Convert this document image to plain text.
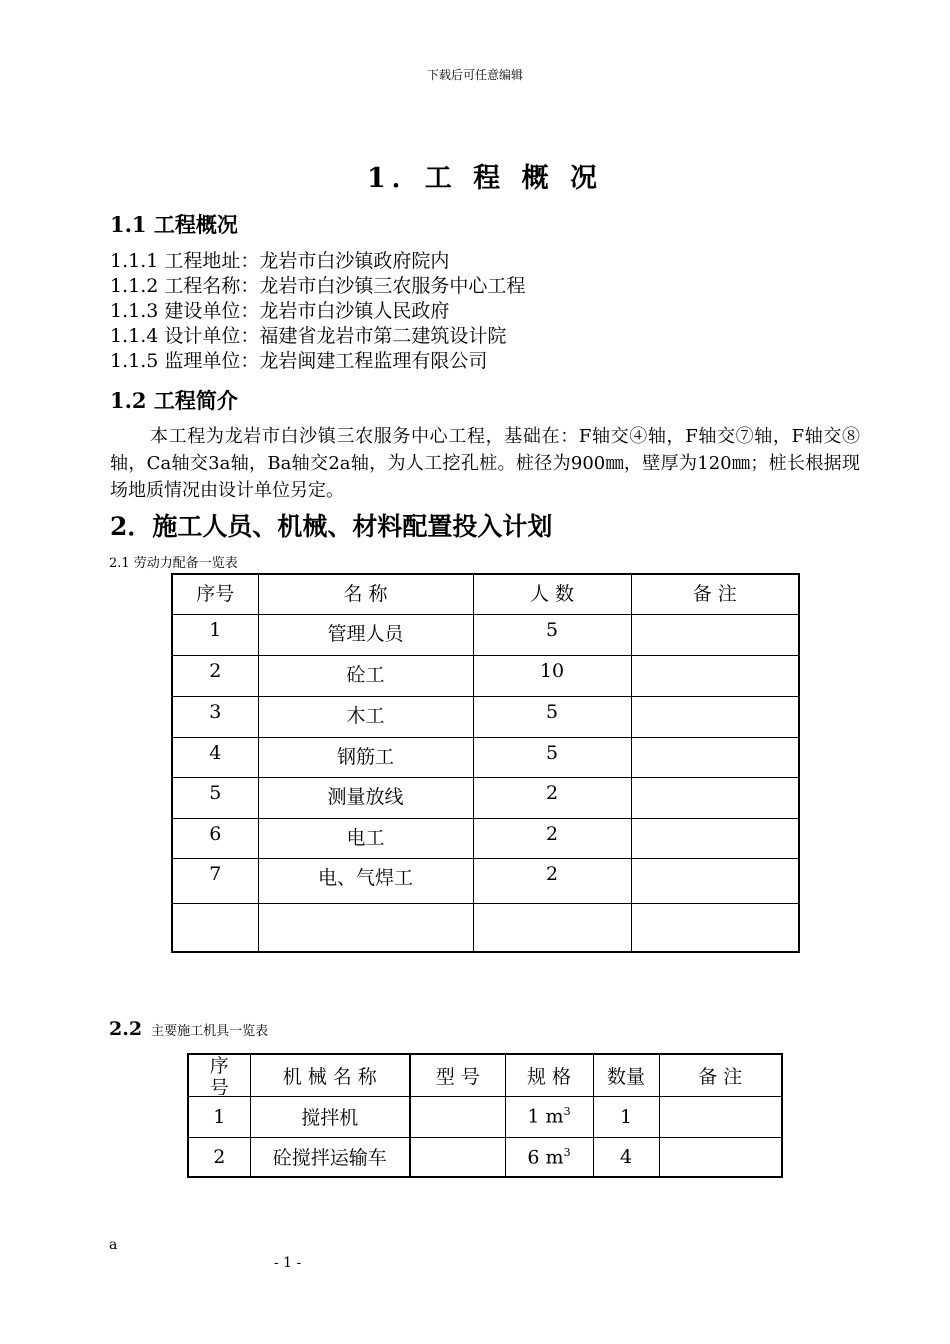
下载后可任意编辑
1．工 程 概 况
1.1 工程概况
1.1.1 工程地址：龙岩市白沙镇政府院内
1.1.2 工程名称：龙岩市白沙镇三农服务中心工程
1.1.3 建设单位：龙岩市白沙镇人民政府
1.1.4 设计单位：福建省龙岩市第二建筑设计院
1.1.5 监理单位：龙岩闽建工程监理有限公司
1.2 工程简介
本工程为龙岩市白沙镇三农服务中心工程，基础在：F轴交④轴，F轴交⑦轴，F轴交⑧轴，Ca轴交3a轴，Ba轴交2a轴，为人工挖孔桩。桩径为900㎜，壁厚为120㎜；桩长根据现场地质情况由设计单位另定。
2．施工人员、机械、材料配置投入计划
2.1 劳动力配备一览表
序号	名 称	人 数	备 注
1	管理人员	5	
2	砼工	10	
3	木工	5	
4	钢筋工	5	
5	测量放线	2	
6	电工	2	
7	电、气焊工	2	

2.2 主要施工机具一览表
序号	机 械 名 称	型 号	规 格	数量	备 注
1	搅拌机		1 $m^3$	1	
2	砼搅拌运输车		6 $m^3$	4	
a
- 1 -
